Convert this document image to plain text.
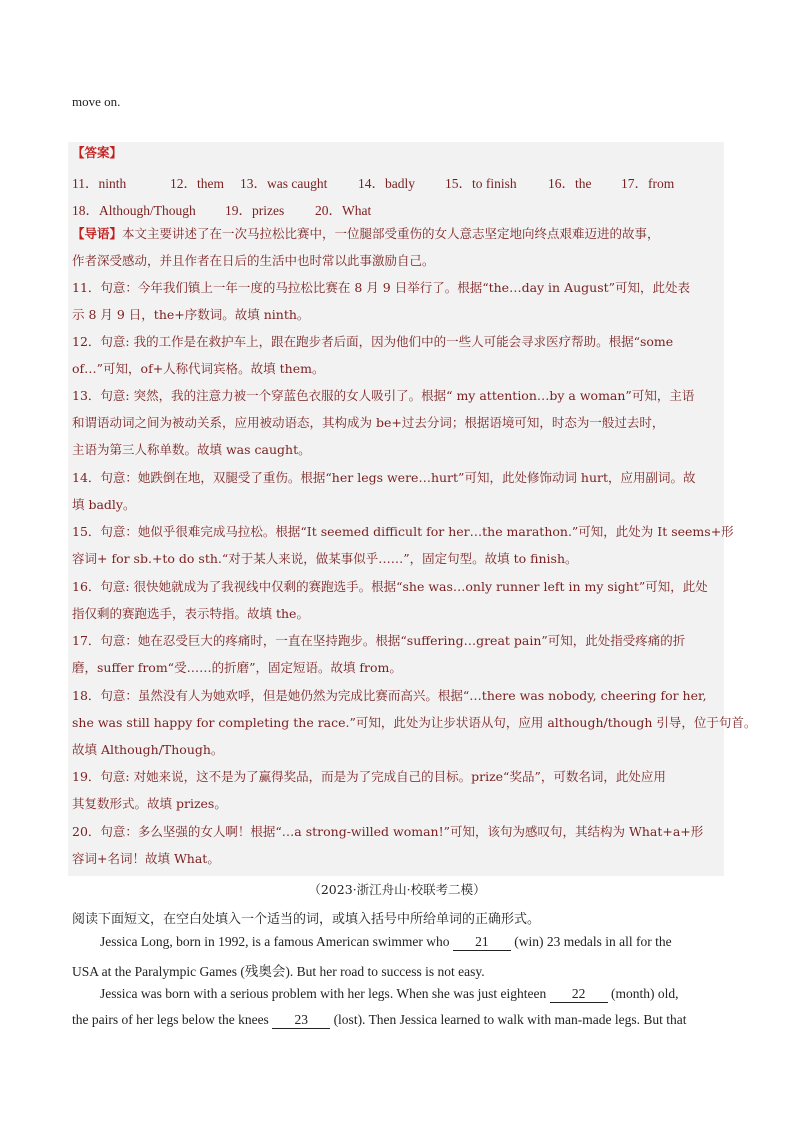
move on.
【答案】
11．ninth	12．them 13．was caught 14．badly 15．to finish 16．the 17．from
18．Although/Though 19．prizes 20．What
【导语】本文主要讲述了在一次马拉松比赛中，一位腿部受重伤的女人意志坚定地向终点艰难迈进的故事，
作者深受感动，并且作者在日后的生活中也时常以此事激励自己。
11．句意：今年我们镇上一年一度的马拉松比赛在 8 月 9 日举行了。根据“the…day in August”可知，此处表
示 8 月 9 日，the+序数词。故填 ninth。
12．句意: 我的工作是在救护车上，跟在跑步者后面，因为他们中的一些人可能会寻求医疗帮助。根据“some
of…”可知，of+人称代词宾格。故填 them。
13．句意: 突然，我的注意力被一个穿蓝色衣服的女人吸引了。根据“ my attention…by a woman”可知，主语
和谓语动词之间为被动关系，应用被动语态，其构成为 be+过去分词；根据语境可知，时态为一般过去时，
主语为第三人称单数。故填 was caught。
14．句意：她跌倒在地，双腿受了重伤。根据“her legs were…hurt”可知，此处修饰动词 hurt，应用副词。故
填 badly。
15．句意：她似乎很难完成马拉松。根据“It seemed difficult for her…the marathon.”可知，此处为 It seems+形
容词+ for sb.+to do sth.“对于某人来说，做某事似乎……”，固定句型。故填 to finish。
16．句意: 很快她就成为了我视线中仅剩的赛跑选手。根据“she was…only runner left in my sight”可知，此处
指仅剩的赛跑选手，表示特指。故填 the。
17．句意：她在忍受巨大的疼痛时，一直在坚持跑步。根据“suffering…great pain”可知，此处指受疼痛的折
磨，suffer from“受……的折磨”，固定短语。故填 from。
18．句意：虽然没有人为她欢呼，但是她仍然为完成比赛而高兴。根据“…there was nobody, cheering for her,
she was still happy for completing the race.”可知，此处为让步状语从句，应用 although/though 引导，位于句首。
故填 Although/Though。
19．句意: 对她来说，这不是为了赢得奖品，而是为了完成自己的目标。prize“奖品”，可数名词，此处应用
其复数形式。故填 prizes。
20．句意：多么坚强的女人啊！根据“…a strong-willed woman!”可知，该句为感叹句，其结构为 What+a+形
容词+名词！故填 What。
（2023·浙江舟山·校联考二模）
阅读下面短文，在空白处填入一个适当的词，或填入括号中所给单词的正确形式。
Jessica Long, born in 1992, is a famous American swimmer who 21 (win) 23 medals in all for the
USA at the Paralympic Games (残奥会). But her road to success is not easy.
Jessica was born with a serious problem with her legs. When she was just eighteen 22 (month) old,
the pairs of her legs below the knees 23 (lost). Then Jessica learned to walk with man-made legs. But that
